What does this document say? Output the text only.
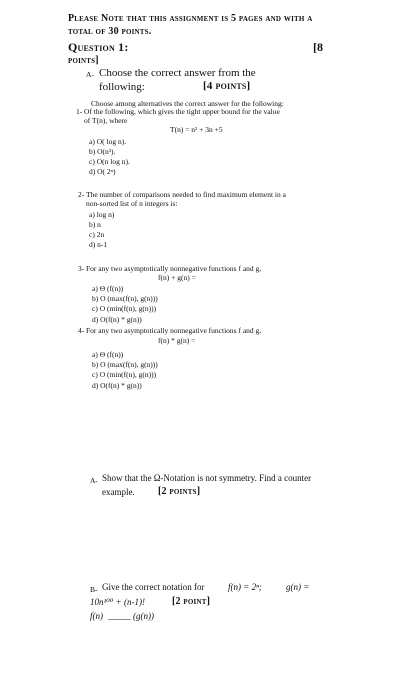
Please Note that this assignment is 5 pages and with a
total of 30 points.
Question 1:	[8
points]
A- Choose the correct answer from the
following:	[4 points]
Choose among alternatives the correct answer for the following:
1- Of the following, which gives the tight upper bound for the value
of T(n), where
T(n) = n² + 3n +5
a) O( log n).
b) O(n³).
c) O(n log n).
d) O( 2ⁿ)
2- The number of comparisons needed to find maximum element in a
non-sorted list of n integers is:
a) log n)
b) n
c) 2n
d) n-1
3- For any two asymptotically nonnegative functions f and g,
f(n) + g(n) =
a) Θ (f(n))
b) O (max(f(n), g(n)))
c) O (min(f(n), g(n)))
d) O(f(n) * g(n))
4- For any two asymptotically nonnegative functions f and g,
f(n) * g(n) =
a) Θ (f(n))
b) O (max(f(n), g(n)))
c) O (min(f(n), g(n)))
d) O(f(n) * g(n))
A- Show that the Ω-Notation is not symmetry. Find a counter
example. [2 points]
B- Give the correct notation for	f(n) = 2ⁿ;	g(n) =
10n¹⁰⁰ + (n-1)!	[2 point]
f(n) _____ (g(n))
